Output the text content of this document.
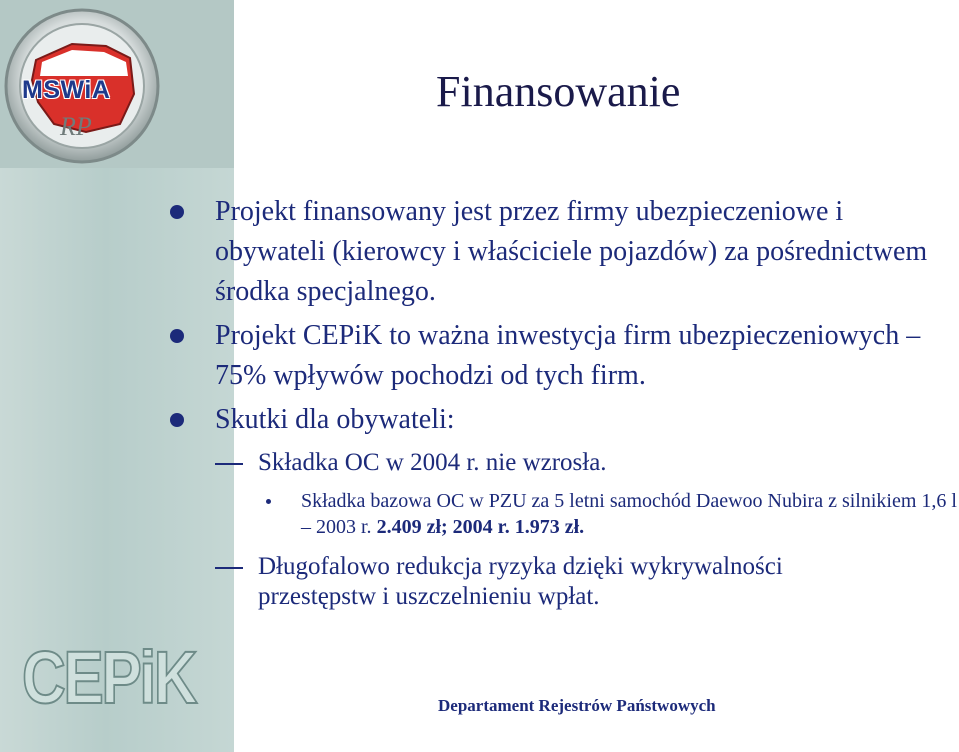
MSWiA
RP
CEPiK
Finansowanie
Projekt finansowany jest przez firmy ubezpieczeniowe i obywateli (kierowcy i właściciele pojazdów) za pośrednictwem środka specjalnego.
Projekt CEPiK to ważna inwestycja firm ubezpieczeniowych – 75% wpływów pochodzi od tych firm.
Skutki dla obywateli:
Składka OC w 2004 r. nie wzrosła.
Składka bazowa OC w PZU za 5 letni samochód Daewoo Nubira z silnikiem 1,6 l – 2003 r. 2.409 zł; 2004 r. 1.973 zł.
Długofalowo redukcja ryzyka dzięki wykrywalności przestępstw i uszczelnieniu wpłat.
Departament Rejestrów Państwowych
